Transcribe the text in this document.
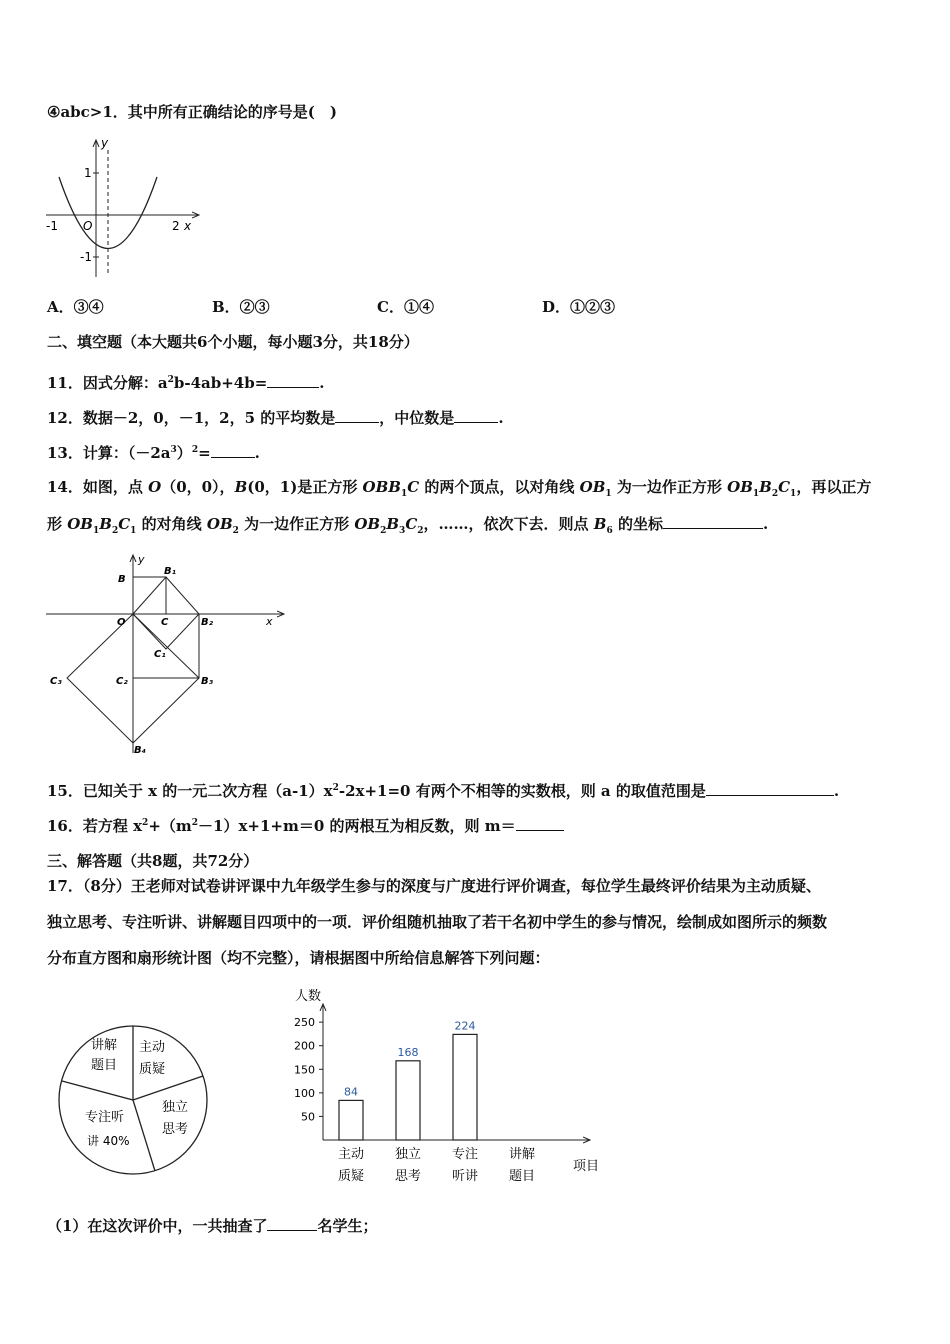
④abc>1．其中所有正确结论的序号是(　)
y
1
-1 O	2 x
-1
A．③④	B．②③	C．①④	D．①②③
二、填空题（本大题共6个小题，每小题3分，共18分）
11．因式分解：$a^2b-4ab+4b=$	.
12．数据－2，0，－1，2，5 的平均数是	，中位数是	.
13．计算：$(-2a^3)^2=$	.
14．如图，点 O（0，0），B(0，1)是正方形 $OBB_1C$ 的两个顶点，以对角线 $OB_1$ 为一边作正方形 $OB_1B_2C_1$，再以正方
形 $OB_1B_2C_1$ 的对角线 $OB_2$ 为一边作正方形 $OB_2B_3C_2$，……，依次下去．则点 $B_6$ 的坐标	.
y
x
B
B₁
O	C	B₂
C₁
C₂	B₃
C₃
B₄
15．已知关于 x 的一元二次方程$(a-1)x^2-2x+1=0$ 有两个不相等的实数根，则 a 的取值范围是	.
16．若方程 $x^2+(m^2-1)x+1+m=0$ 的两根互为相反数，则 m＝
三、解答题（共8题，共72分）
17．（8分）王老师对试卷讲评课中九年级学生参与的深度与广度进行评价调查，每位学生最终评价结果为主动质疑、
独立思考、专注听讲、讲解题目四项中的一项．评价组随机抽取了若干名初中学生的参与情况，绘制成如图所示的频数
分布直方图和扇形统计图（均不完整），请根据图中所给信息解答下列问题：
讲解
题目
主动
质疑
独立
思考
专注听
讲 40%
人数
项目
50
100
150
200
250
84
主动
质疑
168
独立
思考
224
专注
听讲
讲解
题目
（1）在这次评价中，一共抽查了	名学生；
